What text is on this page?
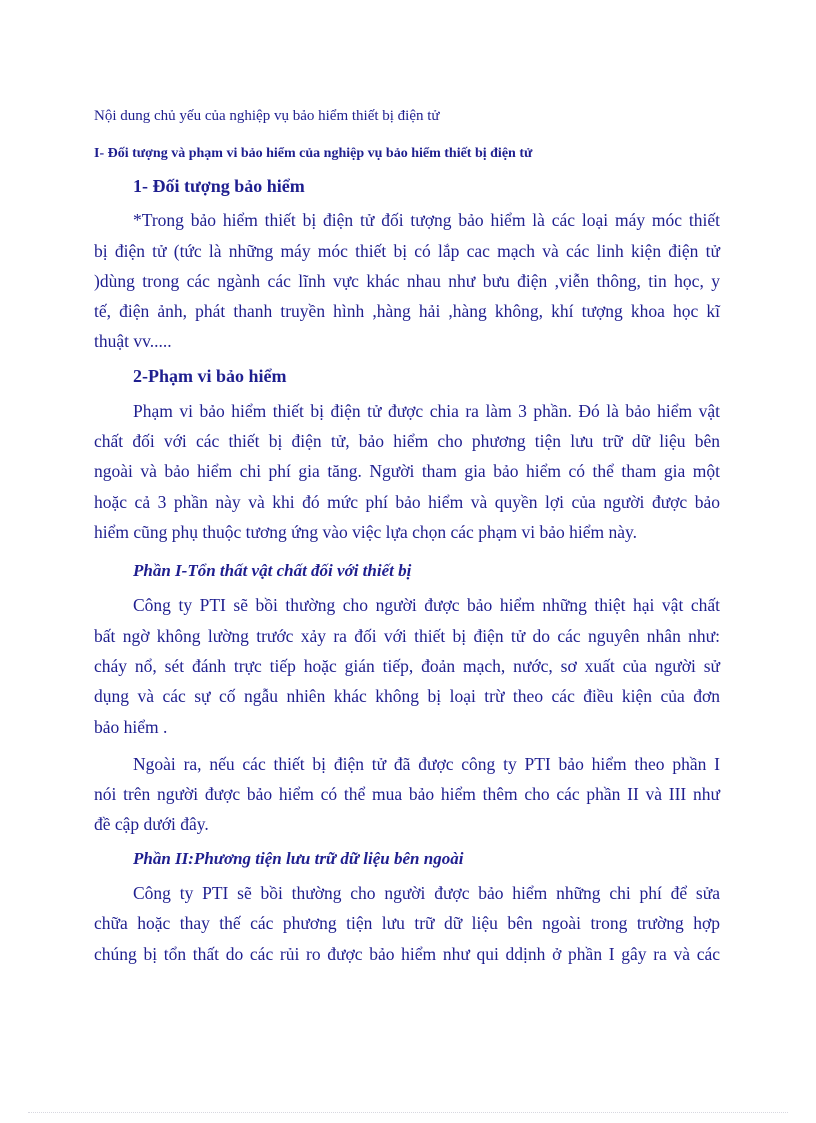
Nội dung chủ yếu của nghiệp vụ bảo hiểm thiết bị điện tử
I- Đối tượng và phạm vi bảo hiểm của nghiệp vụ bảo hiểm thiết bị điện tử
1- Đối tượng bảo hiểm
*Trong bảo hiểm thiết bị điện tử đối tượng bảo hiểm là các loại máy móc thiết
bị điện tử (tức là những máy móc thiết bị có lắp cac mạch và các linh kiện điện tử
)dùng trong các ngành các lĩnh vực khác nhau như bưu điện ,viễn thông, tin học, y
tế, điện ảnh, phát thanh truyền hình ,hàng hải ,hàng không, khí tượng khoa học kĩ
thuật vv.....
2-Phạm vi bảo hiểm
Phạm vi bảo hiểm thiết bị điện tử được chia ra làm 3 phần. Đó là bảo hiểm vật
chất đối với các thiết bị điện tử, bảo hiểm cho phương tiện lưu trữ dữ liệu bên
ngoài và bảo hiểm chi phí gia tăng. Người tham gia bảo hiểm có thể tham gia một
hoặc cả 3 phần này và khi đó mức phí bảo hiểm và quyền lợi của người được bảo
hiểm cũng phụ thuộc tương ứng vào việc lựa chọn các phạm vi bảo hiểm này.
Phần I-Tổn thất vật chất đối với thiết bị
Công ty PTI sẽ bồi thường cho người được bảo hiểm những thiệt hại vật chất
bất ngờ không lường trước xảy ra đối với thiết bị điện tử do các nguyên nhân như:
cháy nổ, sét đánh trực tiếp hoặc gián tiếp, đoản mạch, nước, sơ xuất của người sử
dụng và các sự cố ngẫu nhiên khác không bị loại trừ theo các điều kiện của đơn
bảo hiểm .
Ngoài ra, nếu các thiết bị điện tử đã được công ty PTI bảo hiểm theo phần I
nói trên người được bảo hiểm có thể mua bảo hiểm thêm cho các phần II và III như
đề cập dưới đây.
Phần II:Phương tiện lưu trữ dữ liệu bên ngoài
Công ty PTI sẽ bồi thường cho người được bảo hiểm những chi phí để sửa
chữa hoặc thay thế các phương tiện lưu trữ dữ liệu bên ngoài trong trường hợp
chúng bị tổn thất do các rủi ro được bảo hiểm như qui ddịnh ở phần I gây ra và các
